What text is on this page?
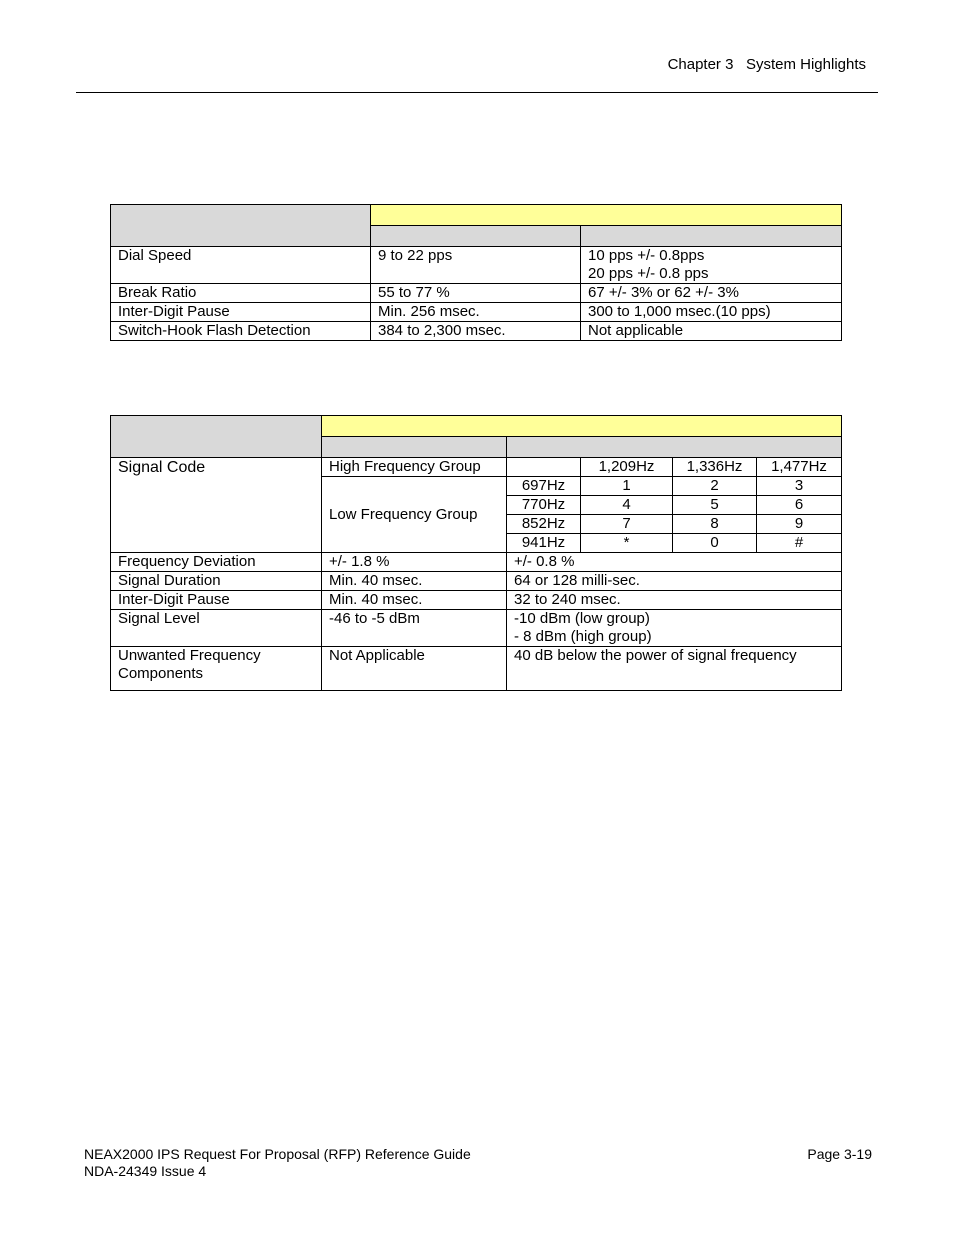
Chapter 3 System Highlights

Dial Speed	9 to 22 pps	10 pps +/- 0.8pps
20 pps +/- 0.8 pps

Break Ratio	55 to 77 %	67 +/- 3% or 62 +/- 3%
Inter-Digit Pause	Min. 256 msec.	300 to 1,000 msec.(10 pps)
Switch-Hook Flash Detection	384 to 2,300 msec.	Not applicable

Signal Code	High Frequency Group		1,209Hz	1,336Hz	1,477Hz
	Low Frequency Group	697Hz	1	2	3
		770Hz	4	5	6
		852Hz	7	8	9
		941Hz	*	0	#
Frequency Deviation	+/- 1.8 %	+/- 0.8 %			
Signal Duration	Min. 40 msec.	64 or 128 milli-sec.			
Inter-Digit Pause	Min. 40 msec.	32 to 240 msec.			
Signal Level	-46 to -5 dBm	-10 dBm (low group)
- 8 dBm (high group)			

Unwanted Frequency
Components	Not Applicable	40 dB below the power of signal frequency			
NEAX2000 IPS Request For Proposal (RFP) Reference Guide
NDA-24349 Issue 4
Page 3-19
